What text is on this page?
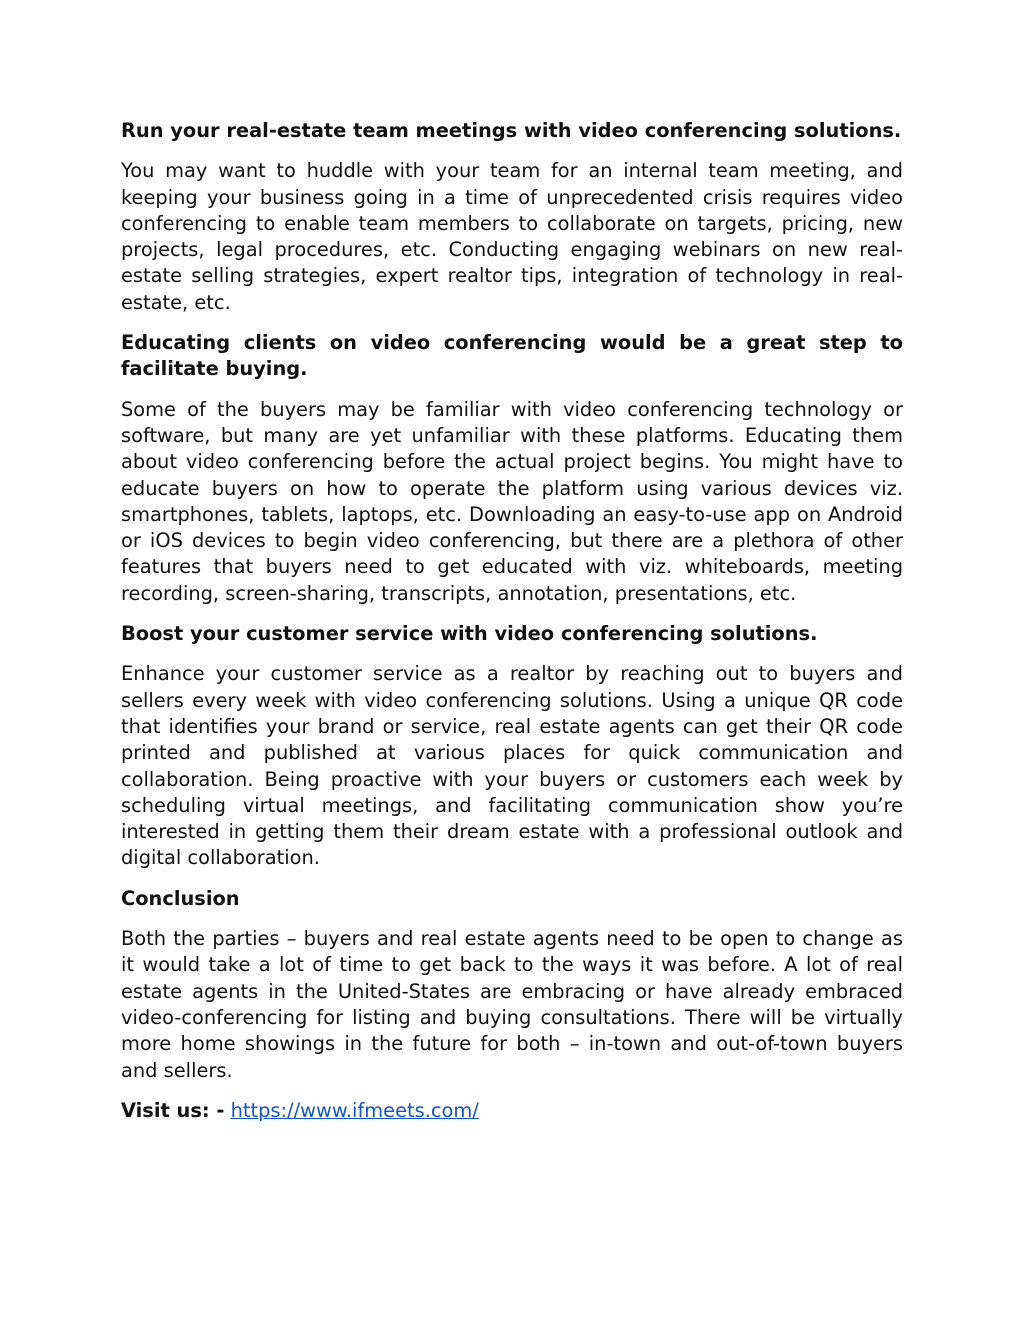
Run your real-estate team meetings with video conferencing solutions.

You may want to huddle with your team for an internal team meeting, and keeping your business going in a time of unprecedented crisis requires video conferencing to enable team members to collaborate on targets, pricing, new projects, legal procedures, etc. Conducting engaging webinars on new real-estate selling strategies, expert realtor tips, integration of technology in real-estate, etc.

Educating clients on video conferencing would be a great step to facilitate buying.

Some of the buyers may be familiar with video conferencing technology or software, but many are yet unfamiliar with these platforms. Educating them about video conferencing before the actual project begins. You might have to educate buyers on how to operate the platform using various devices viz. smartphones, tablets, laptops, etc. Downloading an easy-to-use app on Android or iOS devices to begin video conferencing, but there are a plethora of other features that buyers need to get educated with viz. whiteboards, meeting recording, screen-sharing, transcripts, annotation, presentations, etc.

Boost your customer service with video conferencing solutions.

Enhance your customer service as a realtor by reaching out to buyers and sellers every week with video conferencing solutions. Using a unique QR code that identifies your brand or service, real estate agents can get their QR code printed and published at various places for quick communication and collaboration. Being proactive with your buyers or customers each week by scheduling virtual meetings, and facilitating communication show you’re interested in getting them their dream estate with a professional outlook and digital collaboration.

Conclusion

Both the parties – buyers and real estate agents need to be open to change as it would take a lot of time to get back to the ways it was before. A lot of real estate agents in the United-States are embracing or have already embraced video-conferencing for listing and buying consultations. There will be virtually more home showings in the future for both – in-town and out-of-town buyers and sellers.

Visit us: - https://www.ifmeets.com/
